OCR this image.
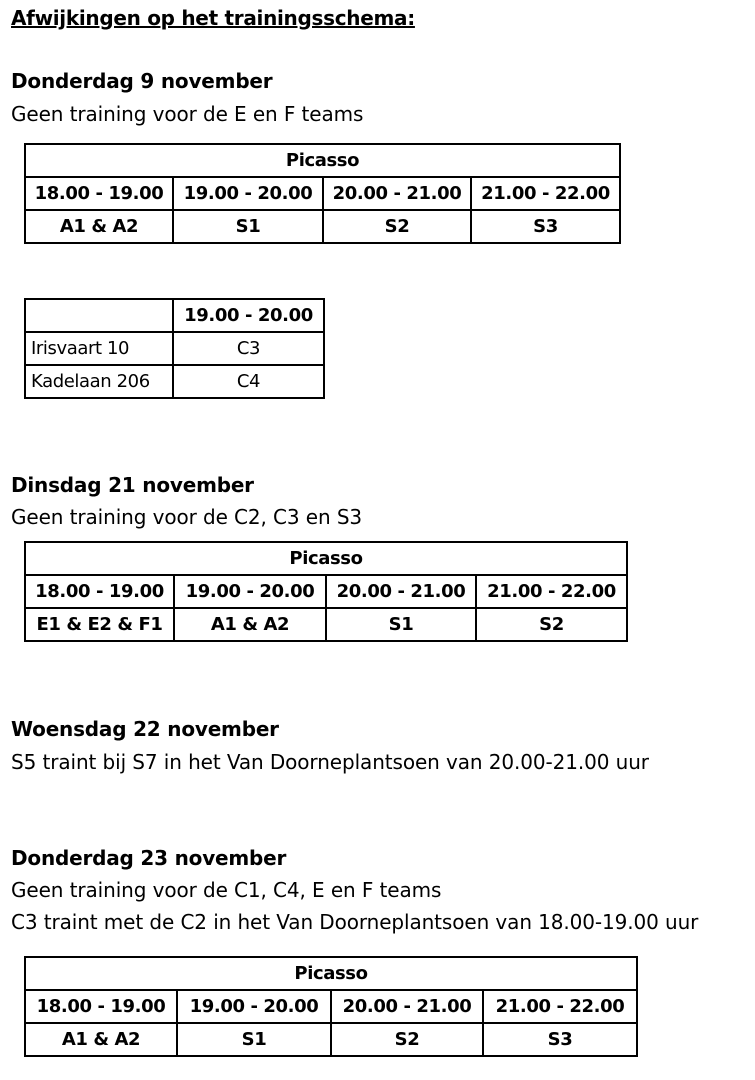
Afwijkingen op het trainingsschema:
Donderdag 9 november

Geen training voor de E en F teams

Picasso			
18.00 - 19.00	19.00 - 20.00	20.00 - 21.00	21.00 - 22.00
A1 & A2	S1	S2	S3
	19.00 - 20.00
Irisvaart 10	C3
Kadelaan 206	C4
Dinsdag 21 november

Geen training voor de C2, C3 en S3

Picasso			
18.00 - 19.00	19.00 - 20.00	20.00 - 21.00	21.00 - 22.00
E1 & E2 & F1	A1 & A2	S1	S2
Woensdag 22 november

S5 traint bij S7 in het Van Doorneplantsoen van 20.00-21.00 uur

Donderdag 23 november

Geen training voor de C1, C4, E en F teams

C3 traint met de C2 in het Van Doorneplantsoen van 18.00-19.00 uur

Picasso			
18.00 - 19.00	19.00 - 20.00	20.00 - 21.00	21.00 - 22.00
A1 & A2	S1	S2	S3
